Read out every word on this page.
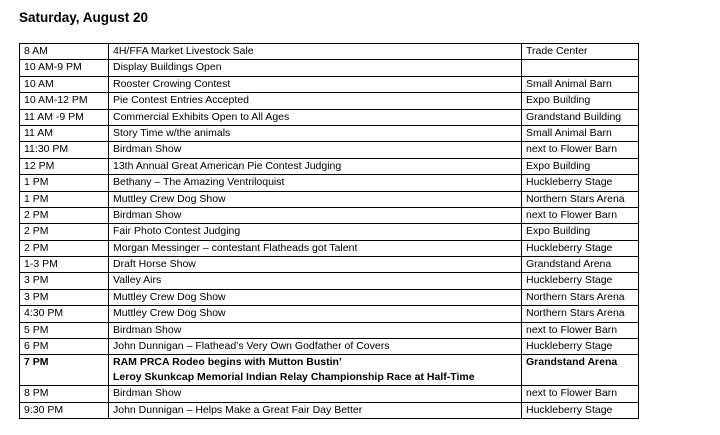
Saturday, August 20
8 AM	4H/FFA Market Livestock Sale	Trade Center
10 AM-9 PM	Display Buildings Open	
10 AM	Rooster Crowing Contest	Small Animal Barn
10 AM-12 PM	Pie Contest Entries Accepted	Expo Building
11 AM -9 PM	Commercial Exhibits Open to All Ages	Grandstand Building
11 AM	Story Time w/the animals	Small Animal Barn
11:30 PM	Birdman Show	next to Flower Barn
12 PM	13th Annual Great American Pie Contest Judging	Expo Building
1 PM	Bethany – The Amazing Ventriloquist	Huckleberry Stage
1 PM	Muttley Crew Dog Show	Northern Stars Arena
2 PM	Birdman Show	next to Flower Barn
2 PM	Fair Photo Contest Judging	Expo Building
2 PM	Morgan Messinger – contestant Flatheads got Talent	Huckleberry Stage
1-3 PM	Draft Horse Show	Grandstand Arena
3 PM	Valley Airs	Huckleberry Stage
3 PM	Muttley Crew Dog Show	Northern Stars Arena
4:30 PM	Muttley Crew Dog Show	Northern Stars Arena
5 PM	Birdman Show	next to Flower Barn
6 PM	John Dunnigan – Flathead’s Very Own Godfather of Covers	Huckleberry Stage
7 PM	RAM PRCA Rodeo begins with Mutton Bustin’
Leroy Skunkcap Memorial Indian Relay Championship Race at Half-Time	Grandstand Arena
8 PM	Birdman Show	next to Flower Barn
9:30 PM	John Dunnigan – Helps Make a Great Fair Day Better	Huckleberry Stage
